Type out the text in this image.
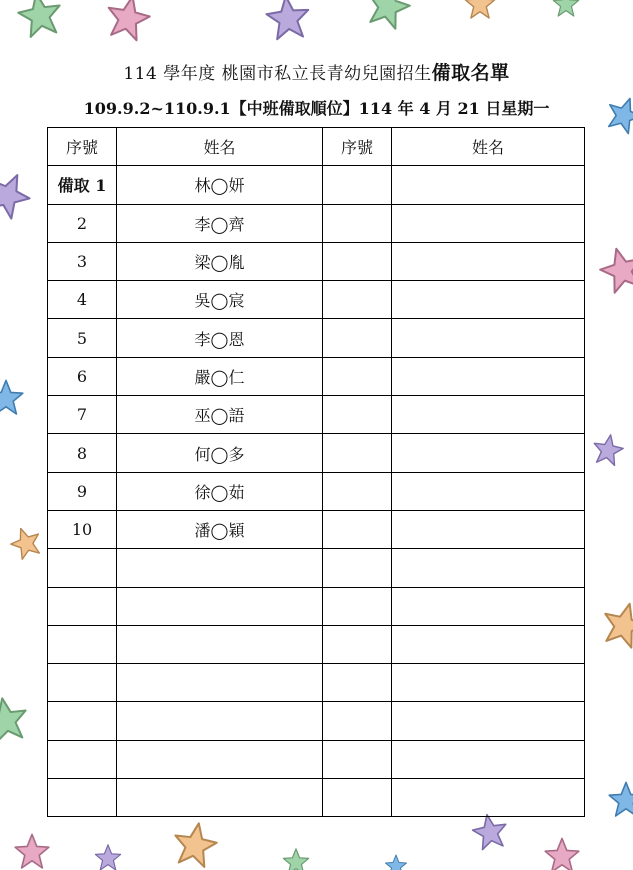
114 學年度 桃園市私立長青幼兒園招生備取名單
109.9.2~110.9.1【中班備取順位】114 年 4 月 21 日星期一
序號	姓名	序號	姓名
備取 1	林◯妍		
2	李◯齊		
3	梁◯胤		
4	吳◯宸		
5	李◯恩		
6	嚴◯仁		
7	巫◯語		
8	何◯多		
9	徐◯茹		
10	潘◯穎		
